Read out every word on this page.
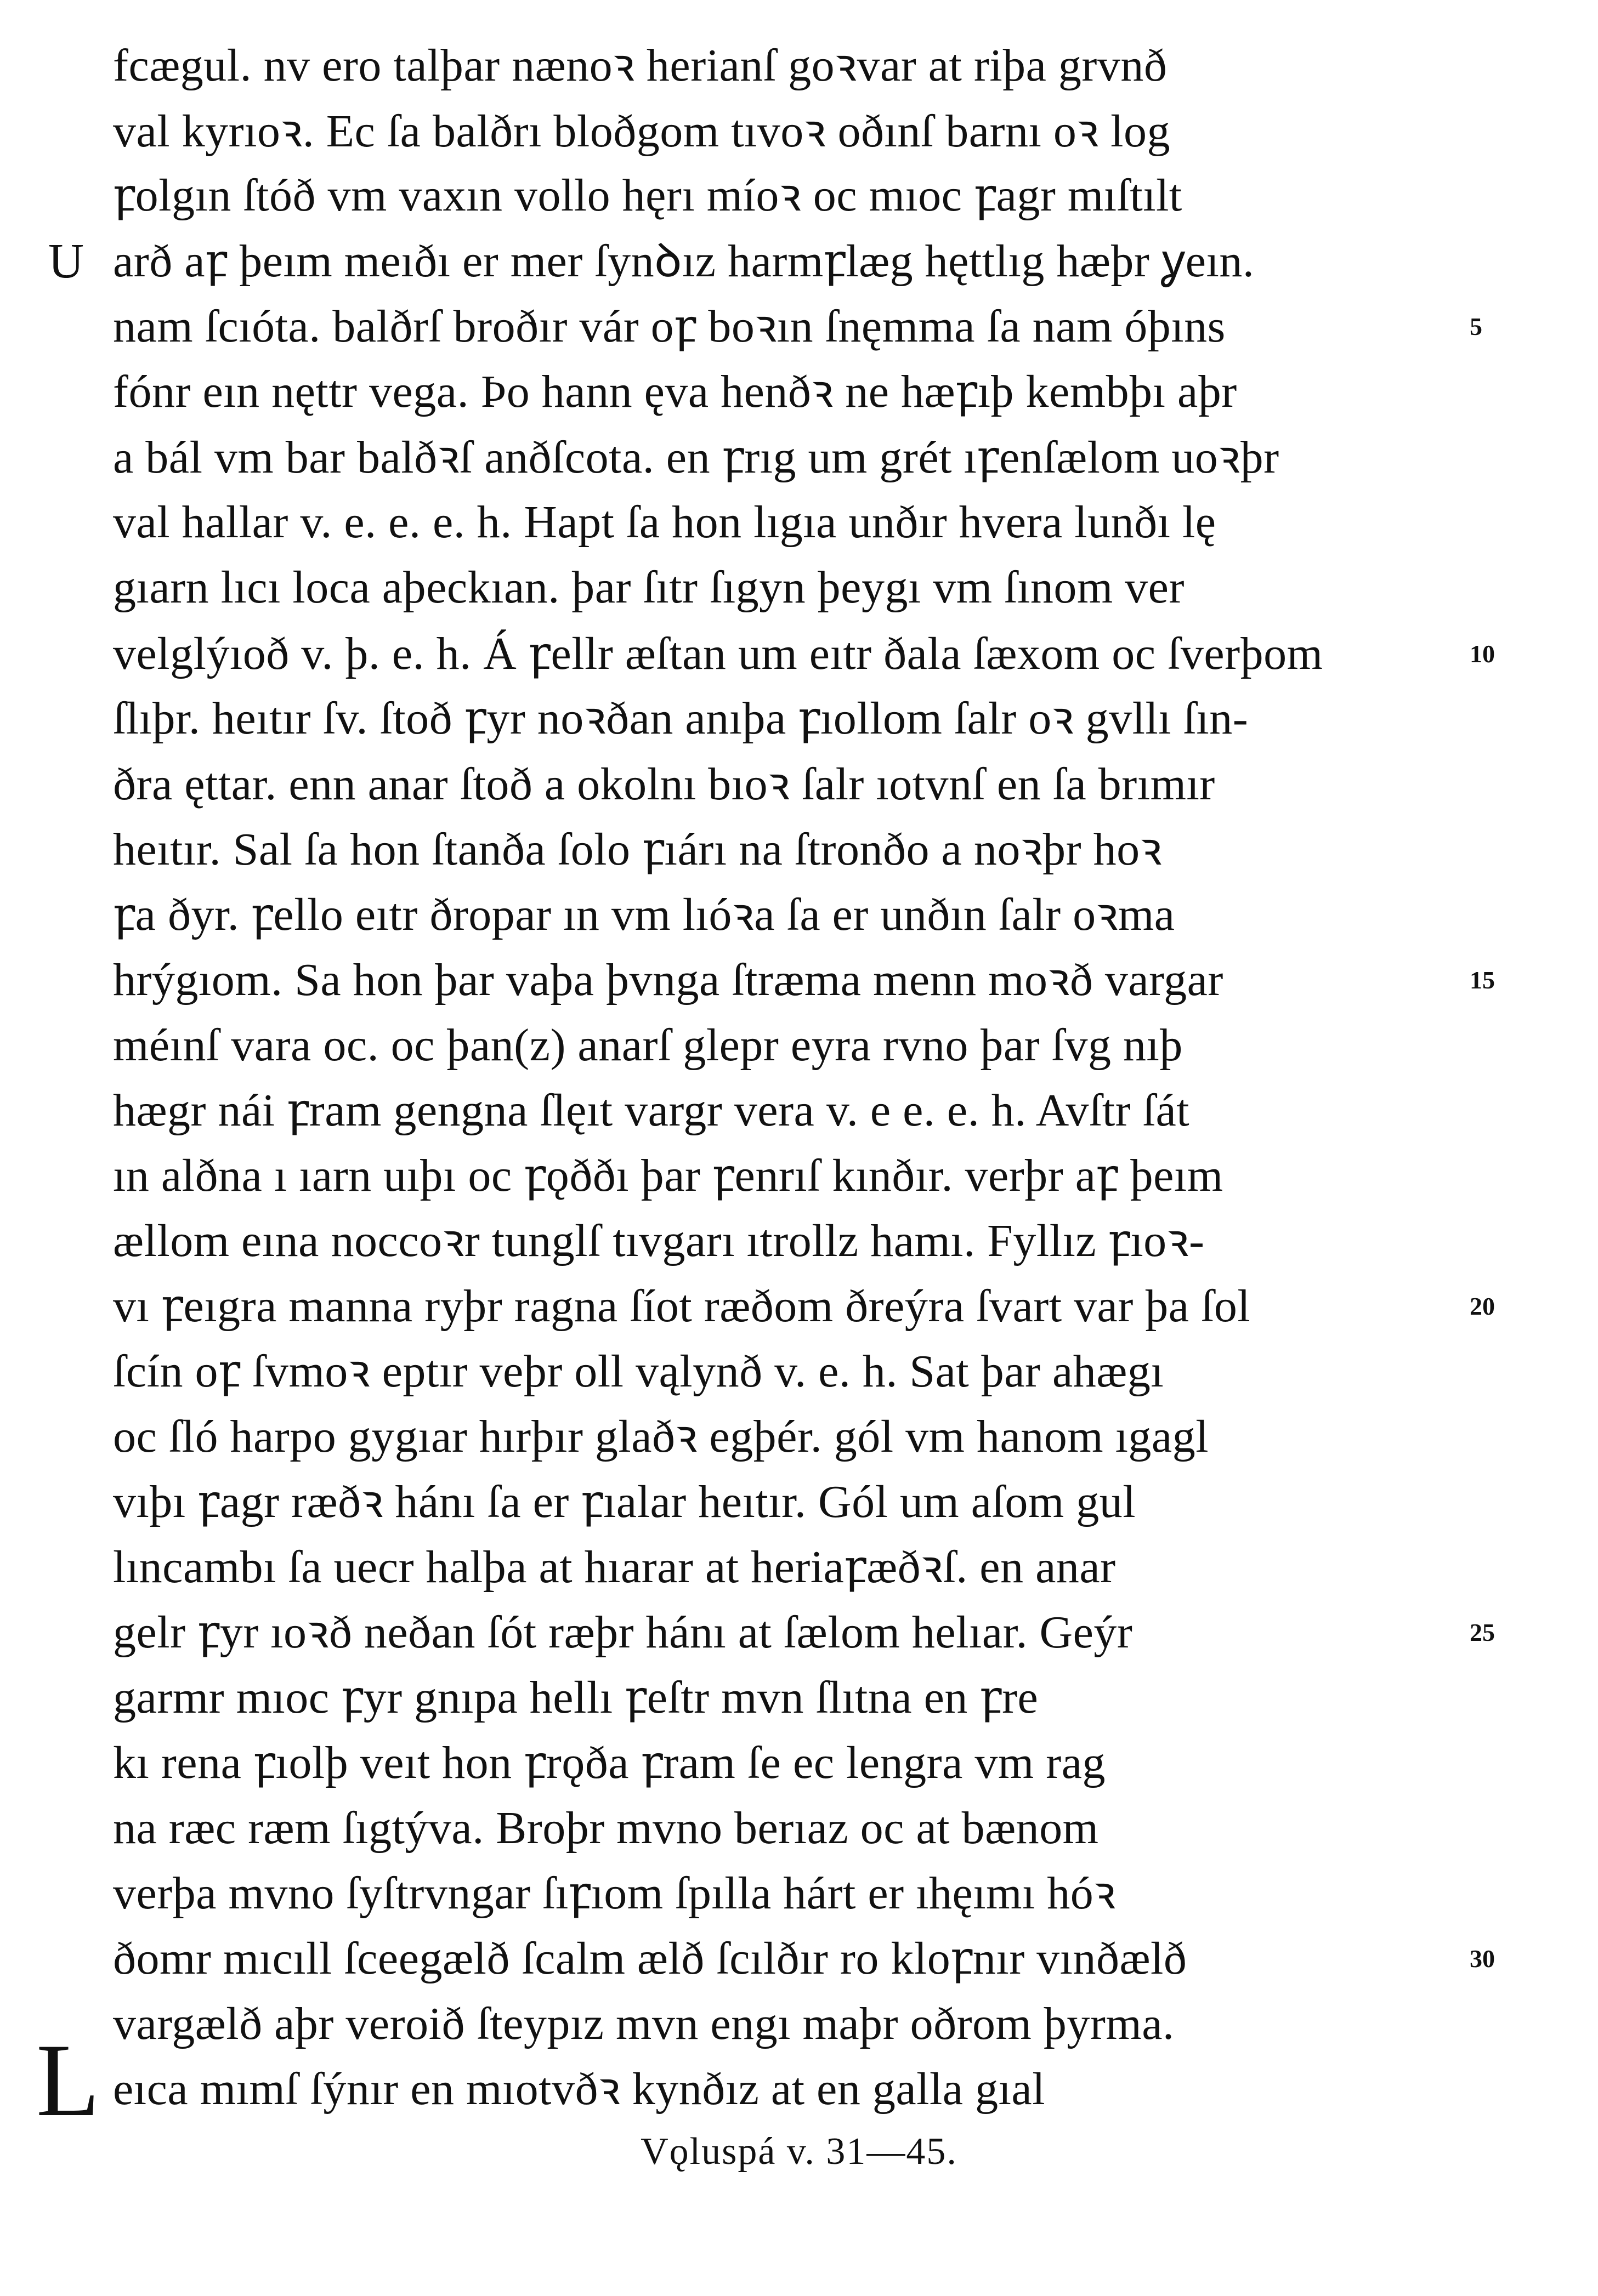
U
L
fcægul. nv ero talþar nænoꝛ herianſ goꝛvar at riþa grvnð
val kyrıoꝛ. Ec ſa balðrı bloðgom tıvoꝛ oðınſ barnı oꝛ log
ꝼolgın ſtóð vm vaxın vollo hęrı míoꝛ oc mıoc ꝼagr mıſtılt
arð aꝼ þeım meıðı er mer ſynꝺız harmꝼlæg hęttlıg hæþr ỿeın.
nam ſcıóta. balðrſ broðır vár oꝼ boꝛın ſnęmma ſa nam óþıns
fónr eın nęttr vega. Þo hann ęva henðꝛ ne hæꝼıþ kembþı aþr
a bál vm bar balðꝛſ anðſcota. en ꝼrıg um grét ıꝼenſælom uoꝛþr
val hallar v. e. e. e. h. Hapt ſa hon lıgıa unðır hvera lunðı lę
gıarn lıcı loca aþeckıan. þar ſıtr ſıgyn þeygı vm ſınom ver
velglýıoð v. þ. e. h. Á ꝼellr æſtan um eıtr ðala ſæxom oc ſverþom
ſlıþr. heıtır ſv. ſtoð ꝼyr noꝛðan anıþa ꝼıollom ſalr oꝛ gvllı ſın-
ðra ęttar. enn anar ſtoð a okolnı bıoꝛ ſalr ıotvnſ en ſa brımır
heıtır. Sal ſa hon ſtanða ſolo ꝼıárı na ſtronðo a noꝛþr hoꝛ
ꝼa ðyr. ꝼello eıtr ðropar ın vm lıóꝛa ſa er unðın ſalr oꝛma
hrýgıom. Sa hon þar vaþa þvnga ſtræma menn moꝛð vargar
méınſ vara oc. oc þan(z) anarſ glepr eyra rvno þar ſvg nıþ
hægr nái ꝼram gengna ſlęıt vargr vera v. e e. e. h. Avſtr ſát
ın alðna ı ıarn uıþı oc ꝼǫððı þar ꝼenrıſ kınðır. verþr aꝼ þeım
ællom eına noccoꝛr tunglſ tıvgarı ıtrollz hamı. Fyllız ꝼıoꝛ-
vı ꝼeıgra manna ryþr ragna ſíot ræðom ðreýra ſvart var þa ſol
ſcín oꝼ ſvmoꝛ eptır veþr oll vąlynð v. e. h. Sat þar ahægı
oc ſló harpo gygıar hırþır glaðꝛ egþér. gól vm hanom ıgagl
vıþı ꝼagr ræðꝛ hánı ſa er ꝼıalar heıtır. Gól um aſom gul
lıncambı ſa uecr halþa at hıarar at heriaꝼæðꝛſ. en anar
gelr ꝼyr ıoꝛð neðan ſót ræþr hánı at ſælom helıar. Geýr
garmr mıoc ꝼyr gnıpa hellı ꝼeſtr mvn ſlıtna en ꝼre
kı rena ꝼıolþ veıt hon ꝼrǫða ꝼram ſe ec lengra vm rag
na ræc ræm ſıgtýva. Broþr mvno berıaz oc at bænom
verþa mvno ſyſtrvngar ſıꝼıom ſpılla hárt er ıhęımı hóꝛ
ðomr mıcıll ſceegælð ſcalm ælð ſcılðır ro kloꝼnır vınðælð
vargælð aþr veroið ſteypız mvn engı maþr oðrom þyrma.
eıca mımſ ſýnır en mıotvðꝛ kynðız at en galla gıal
5
10
15
20
25
30
Vǫluspá v. 31—45.
